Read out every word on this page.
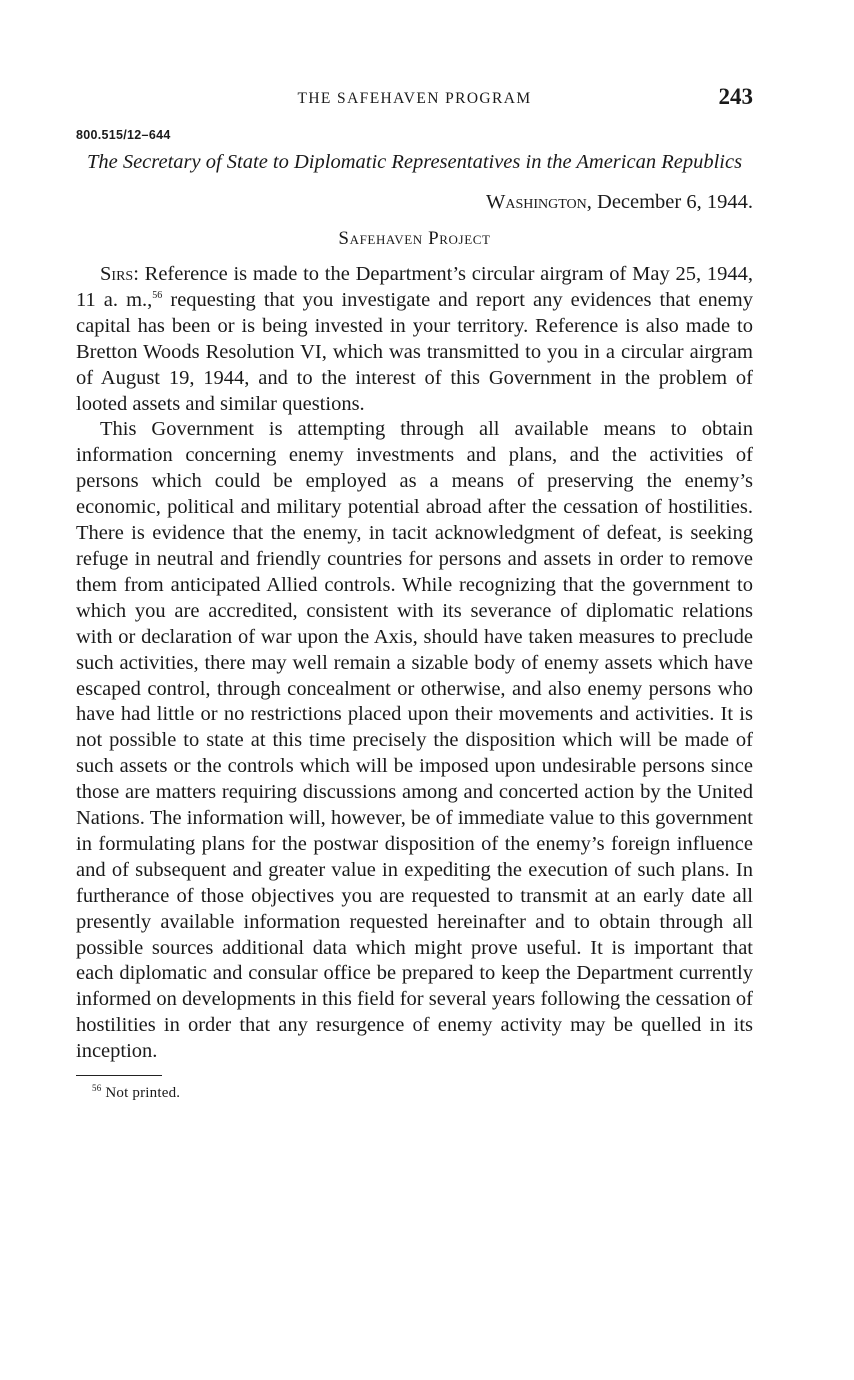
THE SAFEHAVEN PROGRAM	243
800.515/12–644
The Secretary of State to Diplomatic Representatives in the American Republics
Washington, December 6, 1944.
Safehaven Project

Sirs: Reference is made to the Department’s circular airgram of May 25, 1944, 11 a. m.,$^{56}$ requesting that you investigate and report any evidences that enemy capital has been or is being invested in your territory. Reference is also made to Bretton Woods Resolution VI, which was transmitted to you in a circular airgram of August 19, 1944, and to the interest of this Government in the problem of looted assets and similar questions.

This Government is attempting through all available means to obtain information concerning enemy investments and plans, and the activities of persons which could be employed as a means of preserving the enemy’s economic, political and military potential abroad after the cessation of hostilities. There is evidence that the enemy, in tacit acknowledgment of defeat, is seeking refuge in neutral and friendly countries for persons and assets in order to remove them from anticipated Allied controls. While recognizing that the government to which you are accredited, consistent with its severance of diplomatic relations with or declaration of war upon the Axis, should have taken measures to preclude such activities, there may well remain a sizable body of enemy assets which have escaped control, through concealment or otherwise, and also enemy persons who have had little or no restrictions placed upon their movements and activities. It is not possible to state at this time precisely the disposition which will be made of such assets or the controls which will be imposed upon undesirable persons since those are matters requiring discussions among and concerted action by the United Nations. The information will, however, be of immediate value to this government in formulating plans for the postwar disposition of the enemy’s foreign influence and of subsequent and greater value in expediting the execution of such plans. In furtherance of those objectives you are requested to transmit at an early date all presently available information requested hereinafter and to obtain through all possible sources additional data which might prove useful. It is important that each diplomatic and consular office be prepared to keep the Department currently informed on developments in this field for several years following the cessation of hostilities in order that any resurgence of enemy activity may be quelled in its inception.

$^{56}$ Not printed.
